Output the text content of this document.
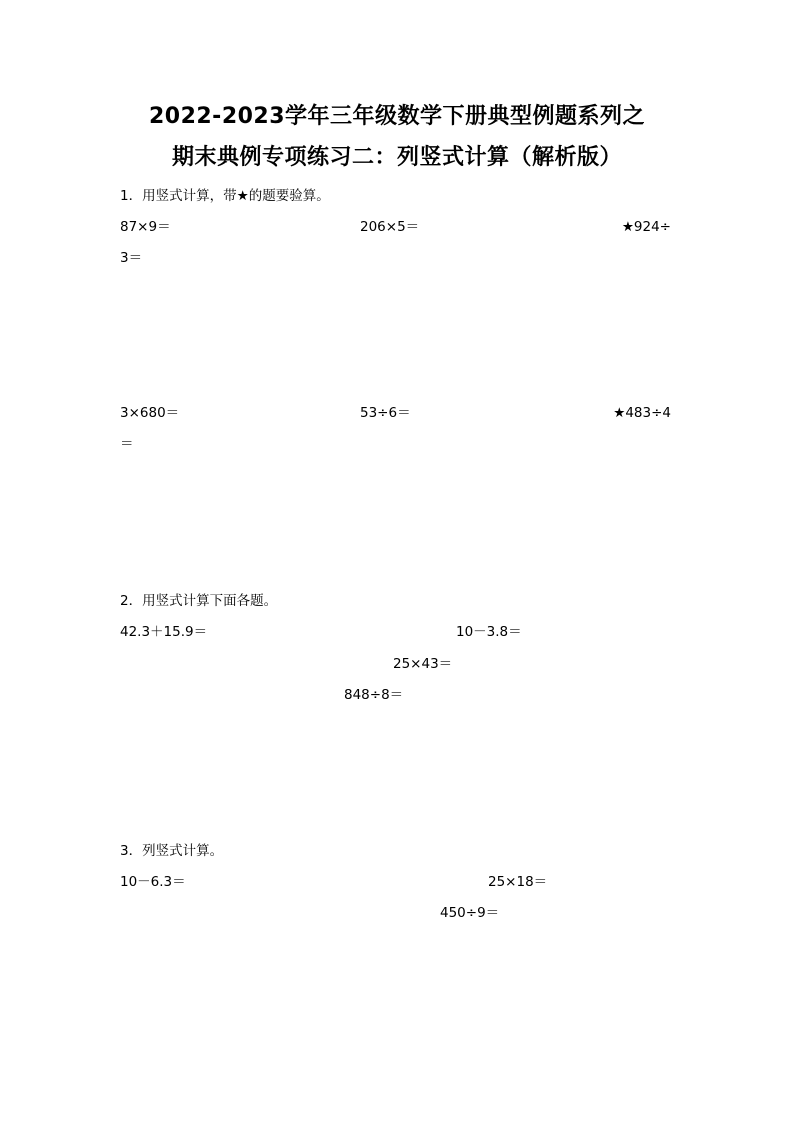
2022-2023学年三年级数学下册典型例题系列之
期末典例专项练习二：列竖式计算（解析版）
1．用竖式计算，带★的题要验算。
87×9＝	206×5＝	★924÷
3＝
3×680＝	53÷6＝	★483÷4
＝
2．用竖式计算下面各题。
42.3＋15.9＝	10－3.8＝
25×43＝
848÷8＝
3．列竖式计算。
10－6.3＝	25×18＝
450÷9＝
